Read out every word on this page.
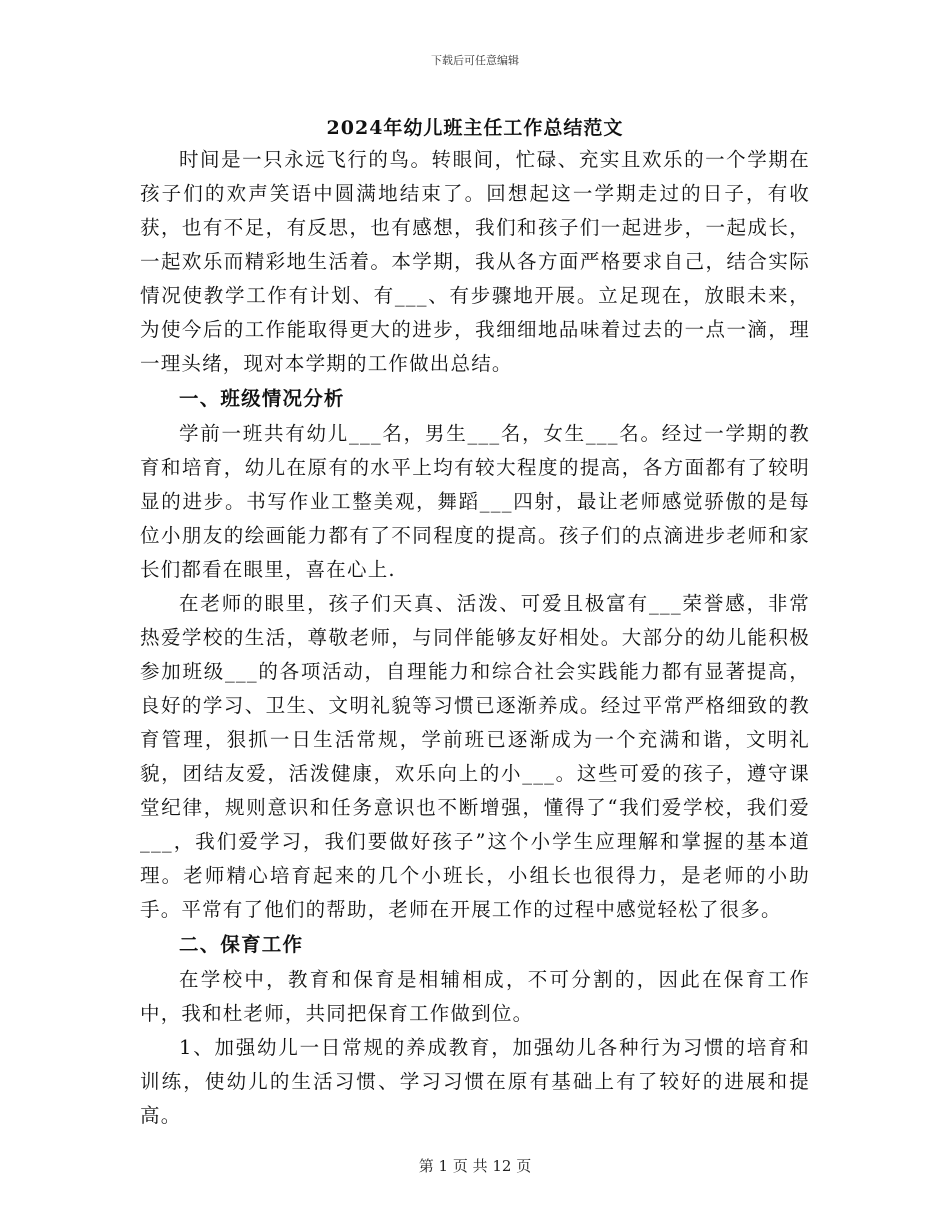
下载后可任意编辑
2024年幼儿班主任工作总结范文

时间是一只永远飞行的鸟。转眼间，忙碌、充实且欢乐的一个学期在孩子们的欢声笑语中圆满地结束了。回想起这一学期走过的日子，有收获，也有不足，有反思，也有感想，我们和孩子们一起进步，一起成长，一起欢乐而精彩地生活着。本学期，我从各方面严格要求自己，结合实际情况使教学工作有计划、有___、有步骤地开展。立足现在，放眼未来，为使今后的工作能取得更大的进步，我细细地品味着过去的一点一滴，理一理头绪，现对本学期的工作做出总结。

一、班级情况分析

学前一班共有幼儿___名，男生___名，女生___名。经过一学期的教育和培育，幼儿在原有的水平上均有较大程度的提高，各方面都有了较明显的进步。书写作业工整美观，舞蹈___四射，最让老师感觉骄傲的是每位小朋友的绘画能力都有了不同程度的提高。孩子们的点滴进步老师和家长们都看在眼里，喜在心上.

在老师的眼里，孩子们天真、活泼、可爱且极富有___荣誉感，非常热爱学校的生活，尊敬老师，与同伴能够友好相处。大部分的幼儿能积极参加班级___的各项活动，自理能力和综合社会实践能力都有显著提高，良好的学习、卫生、文明礼貌等习惯已逐渐养成。经过平常严格细致的教育管理，狠抓一日生活常规，学前班已逐渐成为一个充满和谐，文明礼貌，团结友爱，活泼健康，欢乐向上的小___。这些可爱的孩子，遵守课堂纪律，规则意识和任务意识也不断增强，懂得了“我们爱学校，我们爱___，我们爱学习，我们要做好孩子”这个小学生应理解和掌握的基本道理。老师精心培育起来的几个小班长，小组长也很得力，是老师的小助手。平常有了他们的帮助，老师在开展工作的过程中感觉轻松了很多。

二、保育工作

在学校中，教育和保育是相辅相成，不可分割的，因此在保育工作中，我和杜老师，共同把保育工作做到位。

1、加强幼儿一日常规的养成教育，加强幼儿各种行为习惯的培育和训练，使幼儿的生活习惯、学习习惯在原有基础上有了较好的进展和提高。

第 1 页 共 12 页
